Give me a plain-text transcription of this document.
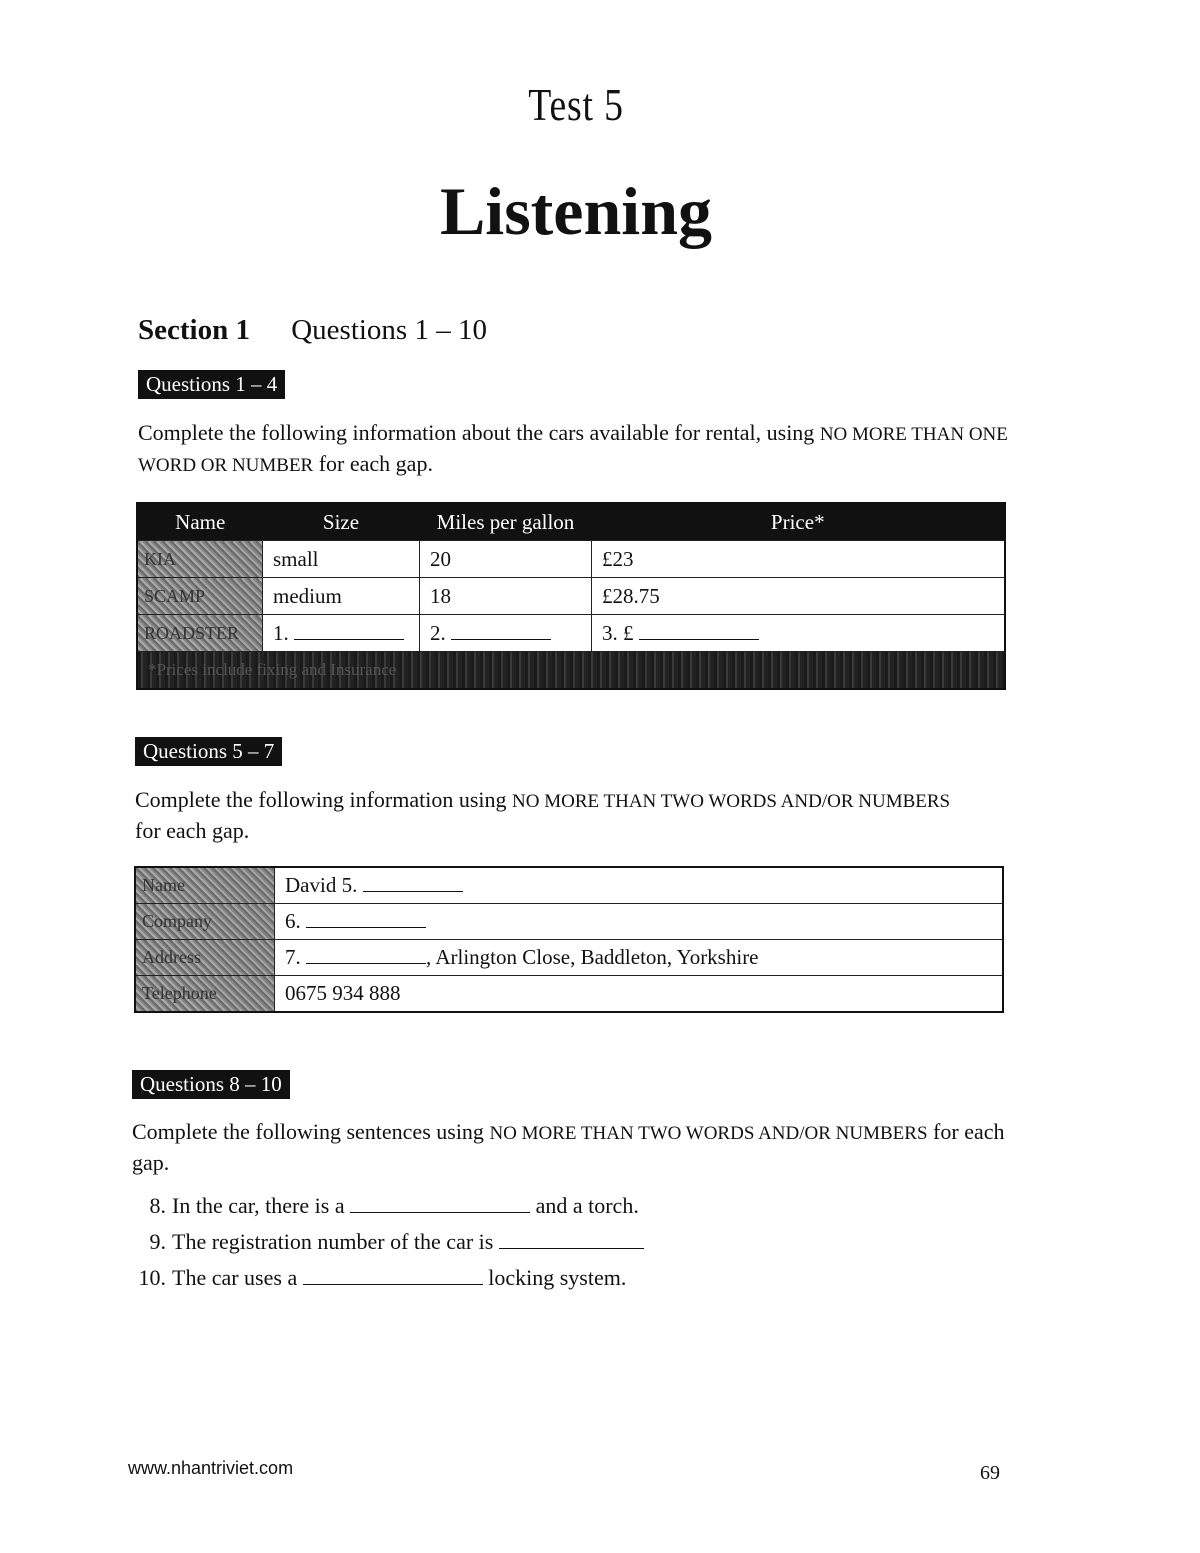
Test 5
Listening
Section 1 Questions 1 – 10
Questions 1 – 4
Complete the following information about the cars available for rental, using NO MORE THAN ONE WORD OR NUMBER for each gap.
Name	Size	Miles per gallon	Price*
KIA	small	20	£23
SCAMP	medium	18	£28.75
ROADSTER	1.	2.	3. £
*Prices include fixing and Insurance			
Questions 5 – 7
Complete the following information using NO MORE THAN TWO WORDS AND/OR NUMBERS for each gap.
Name	David 5.
Company	6.
Address	7. , Arlington Close, Baddleton, Yorkshire
Telephone	0675 934 888
Questions 8 – 10
Complete the following sentences using NO MORE THAN TWO WORDS AND/OR NUMBERS for each gap.
8. In the car, there is a	and a torch.
9. The registration number of the car is
10. The car uses a	locking system.
www.nhantriviet.com	69
